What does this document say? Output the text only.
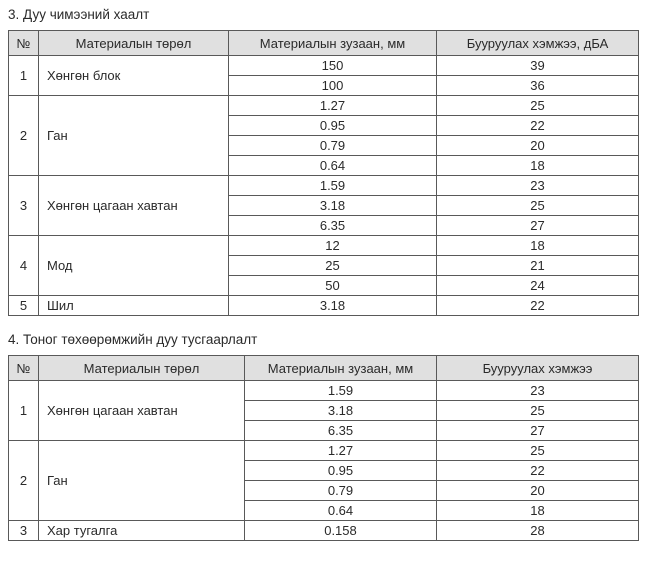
3. Дуу чимээний хаалт
№	Материалын төрөл	Материалын зузаан, мм	Бууруулах хэмжээ, дБА
1	Хөнгөн блок	150	39
		100	36
2	Ган	1.27	25
		0.95	22
		0.79	20
		0.64	18
3	Хөнгөн цагаан хавтан	1.59	23
		3.18	25
		6.35	27
4	Мод	12	18
		25	21
		50	24
5	Шил	3.18	22
4. Тоног төхөөрөмжийн дуу тусгаарлалт
№	Материалын төрөл	Материалын зузаан, мм	Бууруулах хэмжээ
1	Хөнгөн цагаан хавтан	1.59	23
		3.18	25
		6.35	27
2	Ган	1.27	25
		0.95	22
		0.79	20
		0.64	18
3	Хар тугалга	0.158	28
